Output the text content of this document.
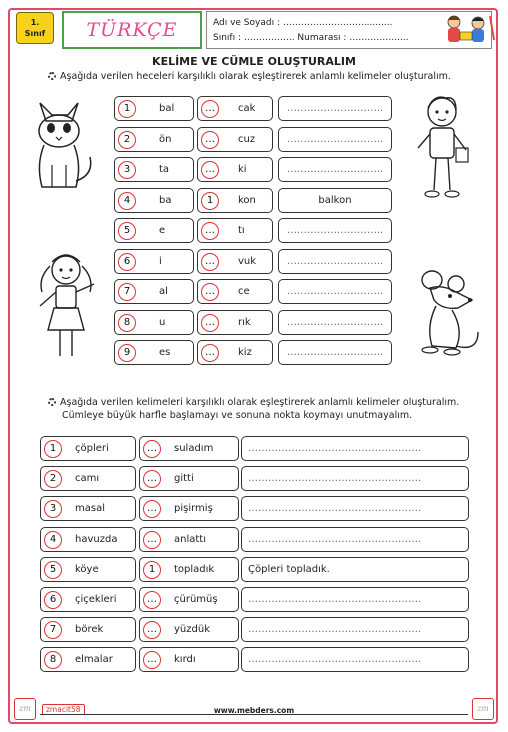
1.
Sınıf	TÜRKÇE	Adı ve Soyadı : ………………………..........
Sınıfı : …………….. Numarası : …………….....
KELİME VE CÜMLE OLUŞTURALIM
Aşağıda verilen heceleri karşılıklı olarak eşleştirerek anlamlı kelimeler oluşturalım.
1	bal	…	cak	………………………..
2	ön	…	cuz	………………………..
3	ta	…	ki	………………………..
4	ba	1	kon	balkon
5	e	…	tı	………………………..
6	i	…	vuk	………………………..
7	al	…	ce	………………………..
8	u	…	rık	………………………..
9	es	…	kiz	………………………..
Aşağıda verilen kelimeleri karşılıklı olarak eşleştirerek anlamlı kelimeler oluşturalım.
Cümleye büyük harfle başlamayı ve sonuna nokta koymayı unutmayalım.
1	çöpleri	…	suladım	…………………………………………….
2	camı	…	gitti	…………………………………………….
3	masal	…	pişirmiş	…………………………………………….
4	havuzda	…	anlattı	…………………………………………….
5	köye	1	topladık	Çöpleri topladık.
6	çiçekleri	…	çürümüş	…………………………………………….
7	börek	…	yüzdük	…………………………………………….
8	elmalar	…	kırdı	…………………………………………….
zm	zm
zmacit58	www.mebders.com
